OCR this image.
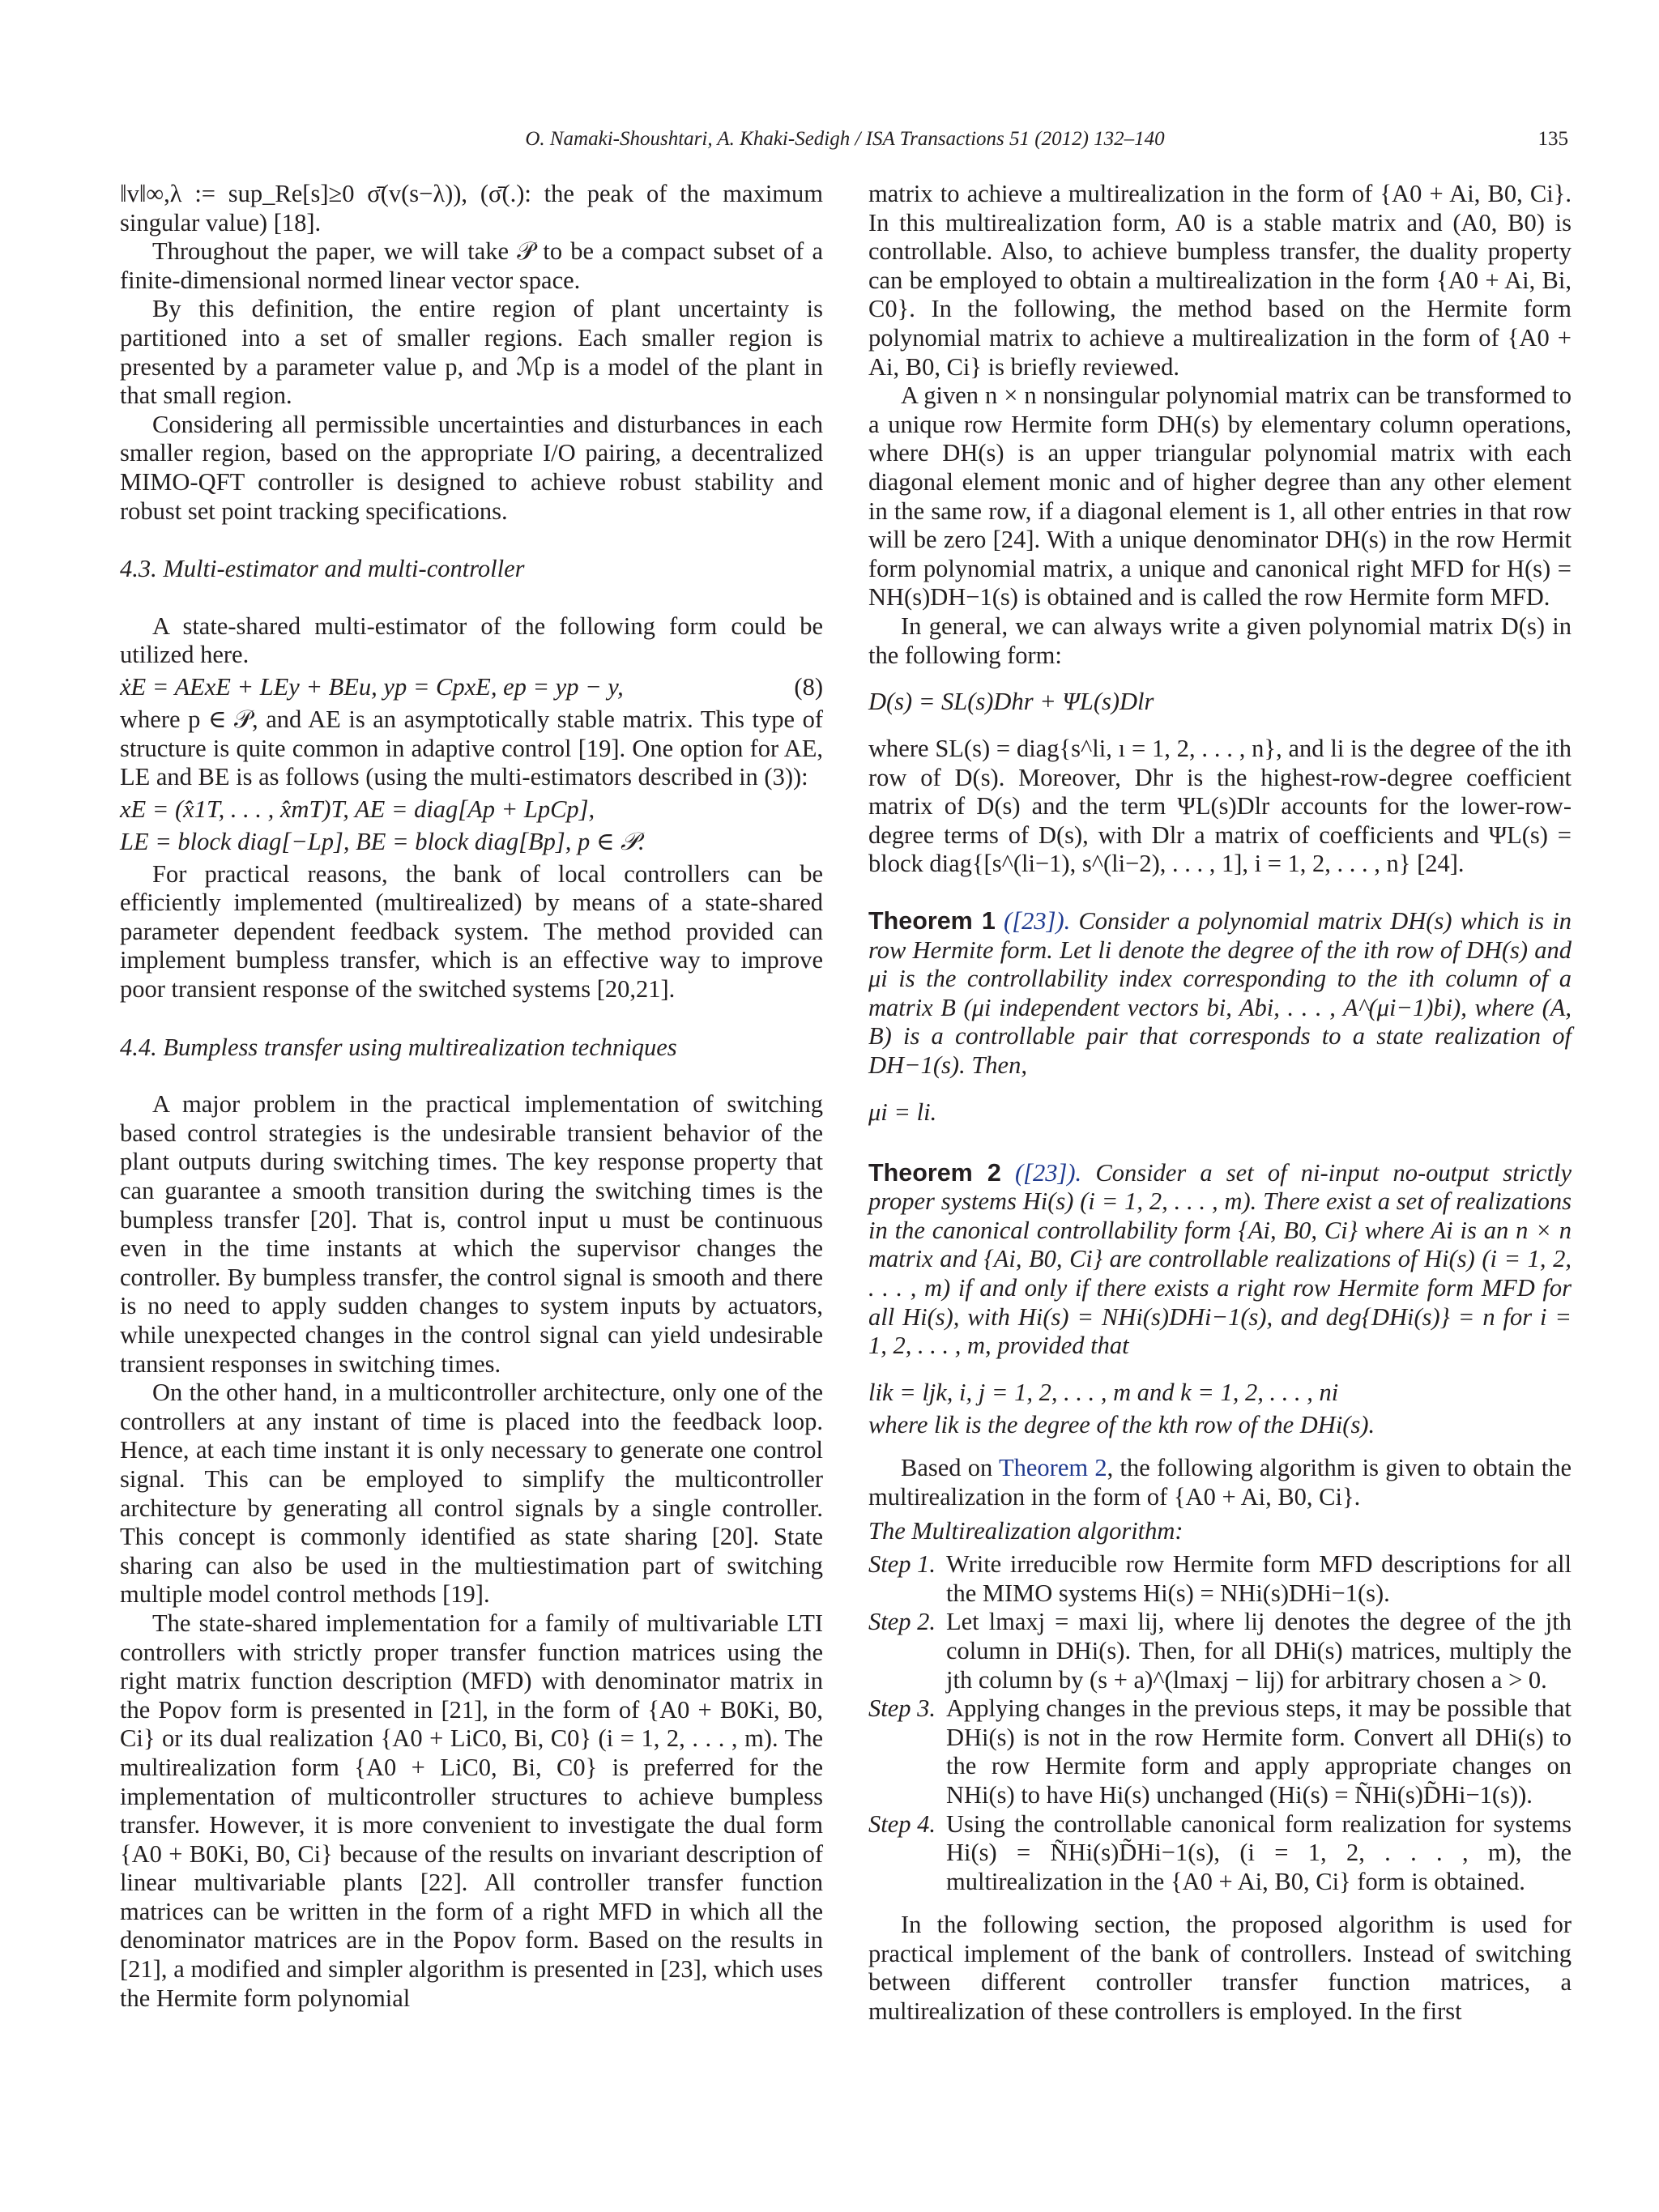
O. Namaki-Shoushtari, A. Khaki-Sedigh / ISA Transactions 51 (2012) 132–140	135

‖v‖∞,λ := sup_Re[s]≥0 σ̄(v(s−λ)), (σ̄(.): the peak of the maximum singular value) [18].

Throughout the paper, we will take 𝒫 to be a compact subset of a finite-dimensional normed linear vector space.

By this definition, the entire region of plant uncertainty is partitioned into a set of smaller regions. Each smaller region is presented by a parameter value p, and ℳp is a model of the plant in that small region.

Considering all permissible uncertainties and disturbances in each smaller region, based on the appropriate I/O pairing, a decentralized MIMO-QFT controller is designed to achieve robust stability and robust set point tracking specifications.

4.3. Multi-estimator and multi-controller

A state-shared multi-estimator of the following form could be utilized here.

ẋE = AExE + LEy + BEu, yp = CpxE, ep = yp − y,	(8)

where p ∈ 𝒫, and AE is an asymptotically stable matrix. This type of structure is quite common in adaptive control [19]. One option for AE, LE and BE is as follows (using the multi-estimators described in (3)):

xE = (x̂1T, . . . , x̂mT)T, AE = diag[Ap + LpCp],
LE = block diag[−Lp], BE = block diag[Bp], p ∈ 𝒫.

For practical reasons, the bank of local controllers can be efficiently implemented (multirealized) by means of a state-shared parameter dependent feedback system. The method provided can implement bumpless transfer, which is an effective way to improve poor transient response of the switched systems [20,21].

4.4. Bumpless transfer using multirealization techniques

A major problem in the practical implementation of switching based control strategies is the undesirable transient behavior of the plant outputs during switching times. The key response property that can guarantee a smooth transition during the switching times is the bumpless transfer [20]. That is, control input u must be continuous even in the time instants at which the supervisor changes the controller. By bumpless transfer, the control signal is smooth and there is no need to apply sudden changes to system inputs by actuators, while unexpected changes in the control signal can yield undesirable transient responses in switching times.

On the other hand, in a multicontroller architecture, only one of the controllers at any instant of time is placed into the feedback loop. Hence, at each time instant it is only necessary to generate one control signal. This can be employed to simplify the multicontroller architecture by generating all control signals by a single controller. This concept is commonly identified as state sharing [20]. State sharing can also be used in the multiestimation part of switching multiple model control methods [19].

The state-shared implementation for a family of multivariable LTI controllers with strictly proper transfer function matrices using the right matrix function description (MFD) with denominator matrix in the Popov form is presented in [21], in the form of {A0 + B0Ki, B0, Ci} or its dual realization {A0 + LiC0, Bi, C0} (i = 1, 2, . . . , m). The multirealization form {A0 + LiC0, Bi, C0} is preferred for the implementation of multicontroller structures to achieve bumpless transfer. However, it is more convenient to investigate the dual form {A0 + B0Ki, B0, Ci} because of the results on invariant description of linear multivariable plants [22]. All controller transfer function matrices can be written in the form of a right MFD in which all the denominator matrices are in the Popov form. Based on the results in [21], a modified and simpler algorithm is presented in [23], which uses the Hermite form polynomial

matrix to achieve a multirealization in the form of {A0 + Ai, B0, Ci}. In this multirealization form, A0 is a stable matrix and (A0, B0) is controllable. Also, to achieve bumpless transfer, the duality property can be employed to obtain a multirealization in the form {A0 + Ai, Bi, C0}. In the following, the method based on the Hermite form polynomial matrix to achieve a multirealization in the form of {A0 + Ai, B0, Ci} is briefly reviewed.

A given n × n nonsingular polynomial matrix can be transformed to a unique row Hermite form DH(s) by elementary column operations, where DH(s) is an upper triangular polynomial matrix with each diagonal element monic and of higher degree than any other element in the same row, if a diagonal element is 1, all other entries in that row will be zero [24]. With a unique denominator DH(s) in the row Hermit form polynomial matrix, a unique and canonical right MFD for H(s) = NH(s)DH−1(s) is obtained and is called the row Hermite form MFD.

In general, we can always write a given polynomial matrix D(s) in the following form:

D(s) = SL(s)Dhr + ΨL(s)Dlr

where SL(s) = diag{s^li, ı = 1, 2, . . . , n}, and li is the degree of the ith row of D(s). Moreover, Dhr is the highest-row-degree coefficient matrix of D(s) and the term ΨL(s)Dlr accounts for the lower-row-degree terms of D(s), with Dlr a matrix of coefficients and ΨL(s) = block diag{[s^(li−1), s^(li−2), . . . , 1], i = 1, 2, . . . , n} [24].

Theorem 1 ([23]). Consider a polynomial matrix DH(s) which is in row Hermite form. Let li denote the degree of the ith row of DH(s) and μi is the controllability index corresponding to the ith column of a matrix B (μi independent vectors bi, Abi, . . . , A^(μi−1)bi), where (A, B) is a controllable pair that corresponds to a state realization of DH−1(s). Then,

μi = li.

Theorem 2 ([23]). Consider a set of ni-input no-output strictly proper systems Hi(s) (i = 1, 2, . . . , m). There exist a set of realizations in the canonical controllability form {Ai, B0, Ci} where Ai is an n × n matrix and {Ai, B0, Ci} are controllable realizations of Hi(s) (i = 1, 2, . . . , m) if and only if there exists a right row Hermite form MFD for all Hi(s), with Hi(s) = NHi(s)DHi−1(s), and deg{DHi(s)} = n for i = 1, 2, . . . , m, provided that

lik = ljk, i, j = 1, 2, . . . , m and k = 1, 2, . . . , ni

where lik is the degree of the kth row of the DHi(s).

Based on Theorem 2, the following algorithm is given to obtain the multirealization in the form of {A0 + Ai, B0, Ci}.

The Multirealization algorithm:

Step 1. Write irreducible row Hermite form MFD descriptions for all the MIMO systems Hi(s) = NHi(s)DHi−1(s).
Step 2. Let lmaxj = maxi lij, where lij denotes the degree of the jth column in DHi(s). Then, for all DHi(s) matrices, multiply the jth column by (s + a)^(lmaxj − lij) for arbitrary chosen a > 0.
Step 3. Applying changes in the previous steps, it may be possible that DHi(s) is not in the row Hermite form. Convert all DHi(s) to the row Hermite form and apply appropriate changes on NHi(s) to have Hi(s) unchanged (Hi(s) = ÑHi(s)D̃Hi−1(s)).
Step 4. Using the controllable canonical form realization for systems Hi(s) = ÑHi(s)D̃Hi−1(s), (i = 1, 2, . . . , m), the multirealization in the {A0 + Ai, B0, Ci} form is obtained.

In the following section, the proposed algorithm is used for practical implement of the bank of controllers. Instead of switching between different controller transfer function matrices, a multirealization of these controllers is employed. In the first
